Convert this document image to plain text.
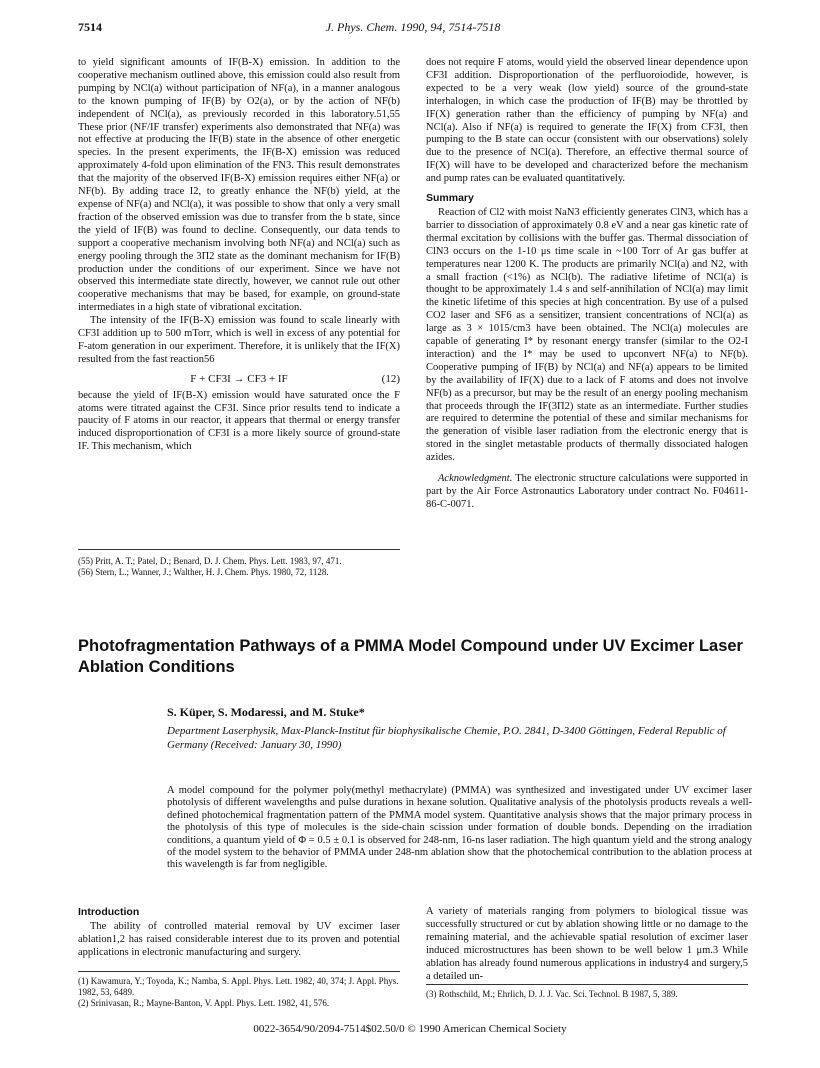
7514	J. Phys. Chem. 1990, 94, 7514-7518

to yield significant amounts of IF(B-X) emission. In addition to the cooperative mechanism outlined above, this emission could also result from pumping by NCl(a) without participation of NF(a), in a manner analogous to the known pumping of IF(B) by O2(a), or by the action of NF(b) independent of NCl(a), as previously recorded in this laboratory.51,55 These prior (NF/IF transfer) experiments also demonstrated that NF(a) was not effective at producing the IF(B) state in the absence of other energetic species. In the present experiments, the IF(B-X) emission was reduced approximately 4-fold upon elimination of the FN3. This result demonstrates that the majority of the observed IF(B-X) emission requires either NF(a) or NF(b). By adding trace I2, to greatly enhance the NF(b) yield, at the expense of NF(a) and NCl(a), it was possible to show that only a very small fraction of the observed emission was due to transfer from the b state, since the yield of IF(B) was found to decline. Consequently, our data tends to support a cooperative mechanism involving both NF(a) and NCl(a) such as energy pooling through the 3Π2 state as the dominant mechanism for IF(B) production under the conditions of our experiment. Since we have not observed this intermediate state directly, however, we cannot rule out other cooperative mechanisms that may be based, for example, on ground-state intermediates in a high state of vibrational excitation.

The intensity of the IF(B-X) emission was found to scale linearly with CF3I addition up to 500 mTorr, which is well in excess of any potential for F-atom generation in our experiment. Therefore, it is unlikely that the IF(X) resulted from the fast reaction56

F + CF3I → CF3 + IF	(12)

because the yield of IF(B-X) emission would have saturated once the F atoms were titrated against the CF3I. Since prior results tend to indicate a paucity of F atoms in our reactor, it appears that thermal or energy transfer induced disproportionation of CF3I is a more likely source of ground-state IF. This mechanism, which

(55) Pritt, A. T.; Patel, D.; Benard, D. J. Chem. Phys. Lett. 1983, 97, 471.
(56) Stern, L.; Wanner, J.; Walther, H. J. Chem. Phys. 1980, 72, 1128.

does not require F atoms, would yield the observed linear dependence upon CF3I addition. Disproportionation of the perfluoroiodide, however, is expected to be a very weak (low yield) source of the ground-state interhalogen, in which case the production of IF(B) may be throttled by IF(X) generation rather than the efficiency of pumping by NF(a) and NCl(a). Also if NF(a) is required to generate the IF(X) from CF3I, then pumping to the B state can occur (consistent with our observations) solely due to the presence of NCl(a). Therefore, an effective thermal source of IF(X) will have to be developed and characterized before the mechanism and pump rates can be evaluated quantitatively.

Summary

Reaction of Cl2 with moist NaN3 efficiently generates ClN3, which has a barrier to dissociation of approximately 0.8 eV and a near gas kinetic rate of thermal excitation by collisions with the buffer gas. Thermal dissociation of ClN3 occurs on the 1-10 μs time scale in ~100 Torr of Ar gas buffer at temperatures near 1200 K. The products are primarily NCl(a) and N2, with a small fraction (<1%) as NCl(b). The radiative lifetime of NCl(a) is thought to be approximately 1.4 s and self-annihilation of NCl(a) may limit the kinetic lifetime of this species at high concentration. By use of a pulsed CO2 laser and SF6 as a sensitizer, transient concentrations of NCl(a) as large as 3 × 1015/cm3 have been obtained. The NCl(a) molecules are capable of generating I* by resonant energy transfer (similar to the O2-I interaction) and the I* may be used to upconvert NF(a) to NF(b). Cooperative pumping of IF(B) by NCl(a) and NF(a) appears to be limited by the availability of IF(X) due to a lack of F atoms and does not involve NF(b) as a precursor, but may be the result of an energy pooling mechanism that proceeds through the IF(3Π2) state as an intermediate. Further studies are required to determine the potential of these and similar mechanisms for the generation of visible laser radiation from the electronic energy that is stored in the singlet metastable products of thermally dissociated halogen azides.

Acknowledgment. The electronic structure calculations were supported in part by the Air Force Astronautics Laboratory under contract No. F04611-86-C-0071.

Photofragmentation Pathways of a PMMA Model Compound under UV Excimer Laser Ablation Conditions
S. Küper, S. Modaressi, and M. Stuke*
Department Laserphysik, Max-Planck-Institut für biophysikalische Chemie, P.O. 2841, D-3400 Göttingen, Federal Republic of Germany (Received: January 30, 1990)
A model compound for the polymer poly(methyl methacrylate) (PMMA) was synthesized and investigated under UV excimer laser photolysis of different wavelengths and pulse durations in hexane solution. Qualitative analysis of the photolysis products reveals a well-defined photochemical fragmentation pattern of the PMMA model system. Quantitative analysis shows that the major primary process in the photolysis of this type of molecules is the side-chain scission under formation of double bonds. Depending on the irradiation conditions, a quantum yield of Φ = 0.5 ± 0.1 is observed for 248-nm, 16-ns laser radiation. The high quantum yield and the strong analogy of the model system to the behavior of PMMA under 248-nm ablation show that the photochemical contribution to the ablation process at this wavelength is far from negligible.
Introduction

The ability of controlled material removal by UV excimer laser ablation1,2 has raised considerable interest due to its proven and potential applications in electronic manufacturing and surgery.

(1) Kawamura, Y.; Toyoda, K.; Namba, S. Appl. Phys. Lett. 1982, 40, 374; J. Appl. Phys. 1982, 53, 6489.
(2) Srinivasan, R.; Mayne-Banton, V. Appl. Phys. Lett. 1982, 41, 576.

A variety of materials ranging from polymers to biological tissue was successfully structured or cut by ablation showing little or no damage to the remaining material, and the achievable spatial resolution of excimer laser induced microstructures has been shown to be well below 1 μm.3 While ablation has already found numerous applications in industry4 and surgery,5 a detailed un-

(3) Rothschild, M.; Ehrlich, D. J. J. Vac. Sci. Technol. B 1987, 5, 389.
0022-3654/90/2094-7514$02.50/0 © 1990 American Chemical Society
